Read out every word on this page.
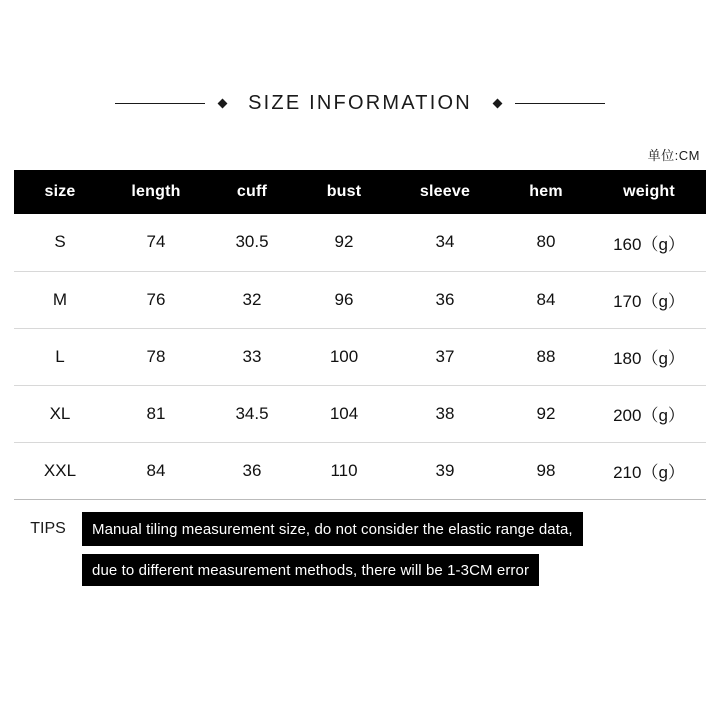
SIZE INFORMATION
单位:CM
size	length	cuff	bust	sleeve	hem	weight
S	74	30.5	92	34	80	160（g）
M	76	32	96	36	84	170（g）
L	78	33	100	37	88	180（g）
XL	81	34.5	104	38	92	200（g）
XXL	84	36	110	39	98	210（g）
TIPS	Manual tiling measurement size, do not consider the elastic range data,
due to different measurement methods, there will be 1-3CM error
